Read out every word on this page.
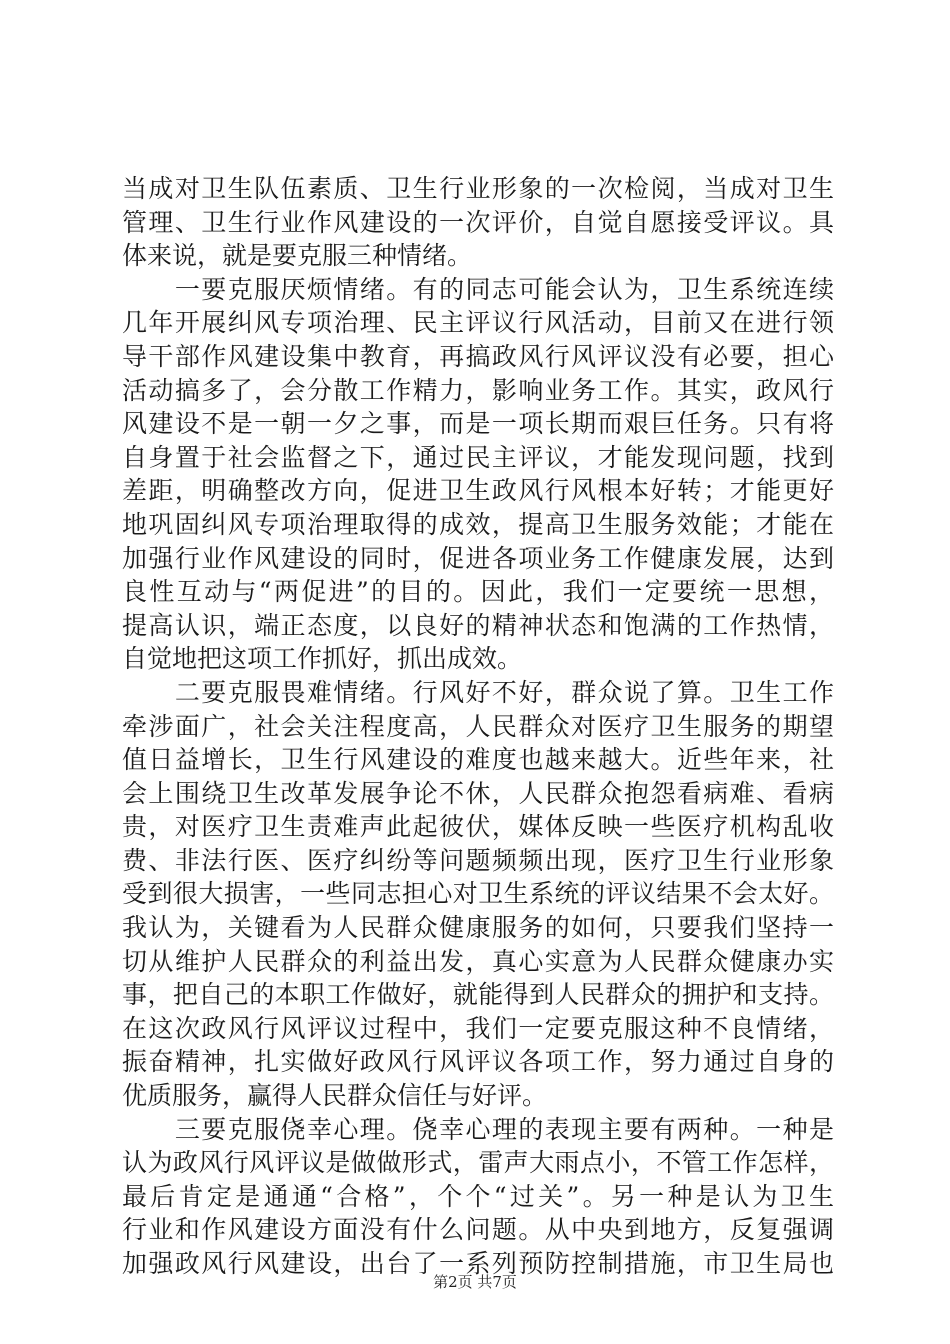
当成对卫生队伍素质、卫生行业形象的一次检阅，当成对卫生
管理、卫生行业作风建设的一次评价，自觉自愿接受评议。具
体来说，就是要克服三种情绪。
　　一要克服厌烦情绪。有的同志可能会认为，卫生系统连续
几年开展纠风专项治理、民主评议行风活动，目前又在进行领
导干部作风建设集中教育，再搞政风行风评议没有必要，担心
活动搞多了，会分散工作精力，影响业务工作。其实，政风行
风建设不是一朝一夕之事，而是一项长期而艰巨任务。只有将
自身置于社会监督之下，通过民主评议，才能发现问题，找到
差距，明确整改方向，促进卫生政风行风根本好转；才能更好
地巩固纠风专项治理取得的成效，提高卫生服务效能；才能在
加强行业作风建设的同时，促进各项业务工作健康发展，达到
良性互动与“两促进”的目的。因此，我们一定要统一思想，
提高认识，端正态度，以良好的精神状态和饱满的工作热情，
自觉地把这项工作抓好，抓出成效。
　　二要克服畏难情绪。行风好不好，群众说了算。卫生工作
牵涉面广，社会关注程度高，人民群众对医疗卫生服务的期望
值日益增长，卫生行风建设的难度也越来越大。近些年来，社
会上围绕卫生改革发展争论不休，人民群众抱怨看病难、看病
贵，对医疗卫生责难声此起彼伏，媒体反映一些医疗机构乱收
费、非法行医、医疗纠纷等问题频频出现，医疗卫生行业形象
受到很大损害，一些同志担心对卫生系统的评议结果不会太好。
我认为，关键看为人民群众健康服务的如何，只要我们坚持一
切从维护人民群众的利益出发，真心实意为人民群众健康办实
事，把自己的本职工作做好，就能得到人民群众的拥护和支持。
在这次政风行风评议过程中，我们一定要克服这种不良情绪，
振奋精神，扎实做好政风行风评议各项工作，努力通过自身的
优质服务，赢得人民群众信任与好评。
　　三要克服侥幸心理。侥幸心理的表现主要有两种。一种是
认为政风行风评议是做做形式，雷声大雨点小，不管工作怎样，
最后肯定是通通“合格”，个个“过关”。另一种是认为卫生
行业和作风建设方面没有什么问题。从中央到地方，反复强调
加强政风行风建设，出台了一系列预防控制措施，市卫生局也
第2页 共7页
